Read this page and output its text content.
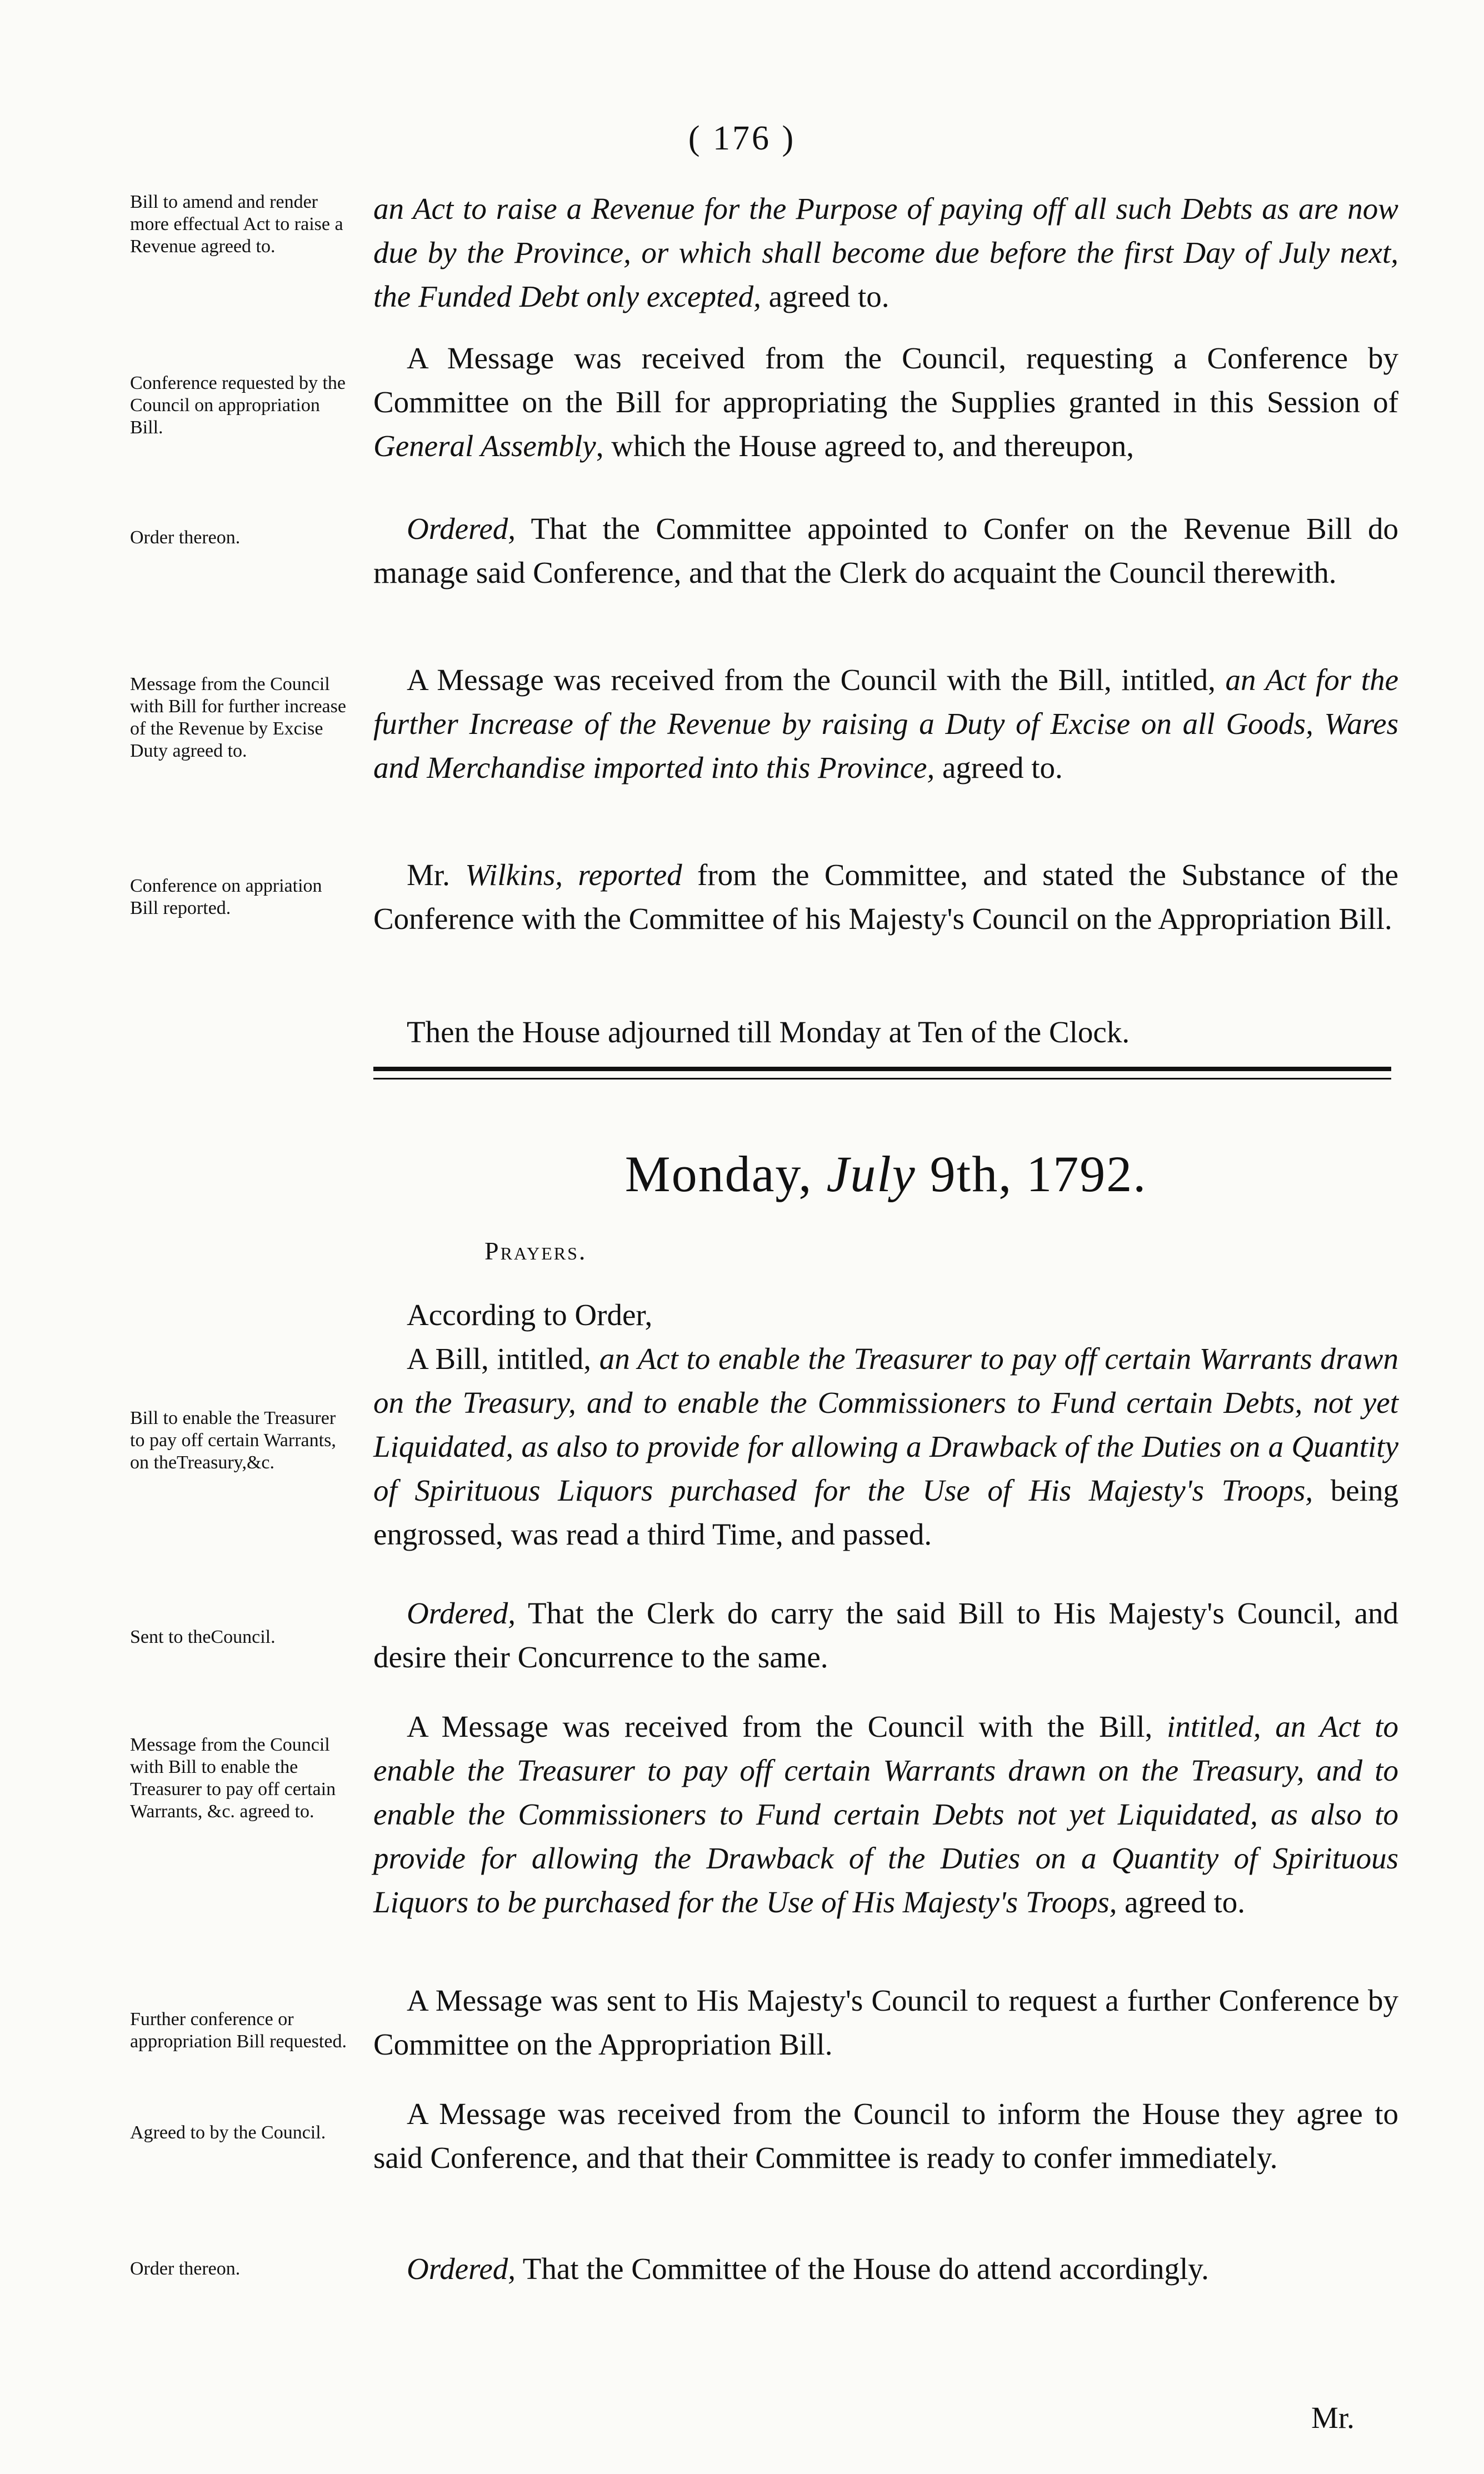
( 176 )
Bill to amend and render more effectual Act to raise a Revenue agreed to.
Conference requested by the Council on appropriation Bill.
Order thereon.
Message from the Council with Bill for further increase of the Revenue by Excise Duty agreed to.
Conference on appriation Bill reported.
Bill to enable the Treasurer to pay off certain Warrants, on theTreasury,&c.
Sent to theCouncil.
Message from the Council with Bill to enable the Treasurer to pay off certain Warrants, &c. agreed to.
Further conference or appropriation Bill requested.
Agreed to by the Council.
Order thereon.
an Act to raise a Revenue for the Purpose of paying off all such Debts as are now due by the Province, or which shall become due before the first Day of July next, the Funded Debt only excepted, agreed to.
A Message was received from the Council, requesting a Conference by Committee on the Bill for appropriating the Supplies granted in this Session of General Assembly, which the House agreed to, and thereupon,
Ordered, That the Committee appointed to Confer on the Revenue Bill do manage said Conference, and that the Clerk do acquaint the Council therewith.
A Message was received from the Council with the Bill, intitled, an Act for the further Increase of the Revenue by raising a Duty of Excise on all Goods, Wares and Merchandise imported into this Province, agreed to.
Mr. Wilkins, reported from the Committee, and stated the Substance of the Conference with the Committee of his Majesty's Council on the Appropriation Bill.
Then the House adjourned till Monday at Ten of the Clock.
Monday, July 9th, 1792.
Prayers.
According to Order,
A Bill, intitled, an Act to enable the Treasurer to pay off certain Warrants drawn on the Treasury, and to enable the Commissioners to Fund certain Debts, not yet Liquidated, as also to provide for allowing a Drawback of the Duties on a Quantity of Spirituous Liquors purchased for the Use of His Majesty's Troops, being engrossed, was read a third Time, and passed.
Ordered, That the Clerk do carry the said Bill to His Majesty's Council, and desire their Concurrence to the same.
A Message was received from the Council with the Bill, intitled, an Act to enable the Treasurer to pay off certain Warrants drawn on the Treasury, and to enable the Commissioners to Fund certain Debts not yet Liquidated, as also to provide for allowing the Drawback of the Duties on a Quantity of Spirituous Liquors to be purchased for the Use of His Majesty's Troops, agreed to.
A Message was sent to His Majesty's Council to request a further Conference by Committee on the Appropriation Bill.
A Message was received from the Council to inform the House they agree to said Conference, and that their Committee is ready to confer immediately.
Ordered, That the Committee of the House do attend accordingly.
Mr.
